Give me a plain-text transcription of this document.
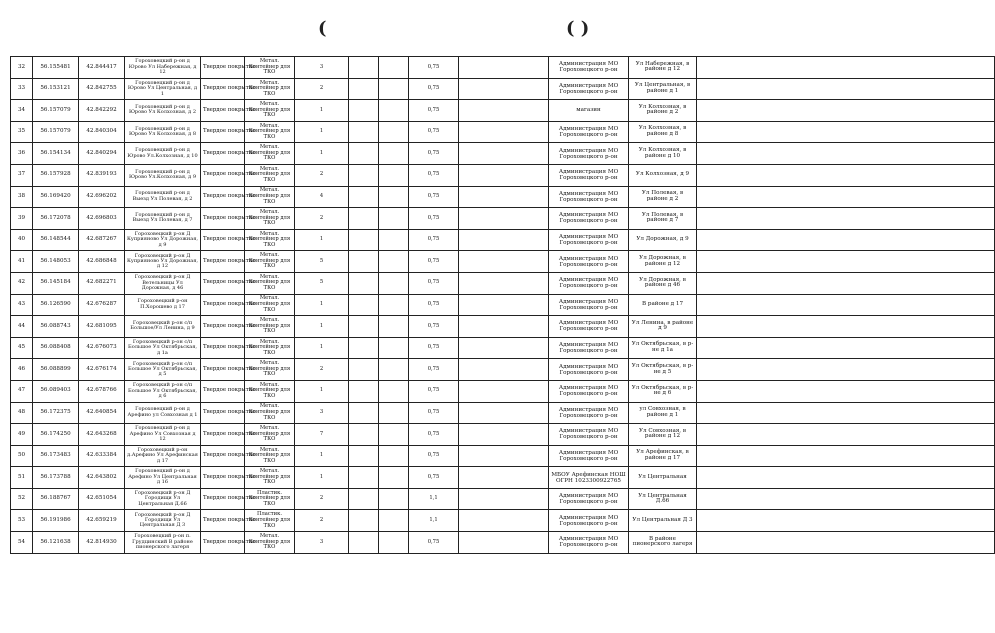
(	( )
32	56.155481	42.844417	Гороховецкий р-он д Юрово Ул Набережная, д 12	Твердое покрытие	Метал. Контейнер для ТКО	3			0,75		Администрация МО Гороховецкого р-он	Ул Набережная, в районе д 12	
33	56.153121	42.842755	Гороховецкий р-он д Юрово Ул Центральная, д 1	Твердое покрытие	Метал. Контейнер для ТКО	2			0,75		Администрация МО Гороховецкого р-он	Ул Центральная, в районе д 1	
34	56.157079	42.842292	Гороховецкий р-он д Юрово Ул Колхозная, д 2	Твердое покрытие	Метал. Контейнер для ТКО	1			0,75		магазин	Ул Колхозная, в районе д 2	
35	56.157079	42.840304	Гороховецкий р-он д Юрово Ул Колхозная, д 8	Твердое покрытие	Метал. Контейнер для ТКО	1			0,75		Администрация МО Гороховецкого р-он	Ул Колхозная, в районе д 8	
36	56.154134	42.840294	Гороховецкий р-он д Юрово Ул.Колхозная, д 10	Твердое покрытие	Метал. Контейнер для ТКО	1			0,75		Администрация МО Гороховецкого р-он	Ул Колхозная, в районе д 10	
37	56.157928	42.839193	Гороховецкий р-он д Юрово Ул.Колхозная, д 9	Твердое покрытие	Метал. Контейнер для ТКО	2			0,75		Администрация МО Гороховецкого р-он	Ул Колхозная, д 9	
38	56.169420	42.696202	Гороховецкий р-он д Выезд Ул Полевая, д 2	Твердое покрытие	Метал. Контейнер для ТКО	4			0,75		Администрация МО Гороховецкого р-он	Ул Полевая, в районе д 2	
39	56.172078	42.696803	Гороховецкий р-он д Выезд Ул Полевая, д 7	Твердое покрытие	Метал. Контейнер для ТКО	2			0,75		Администрация МО Гороховецкого р-он	Ул Полевая, в районе д 7	
40	56.148544	42.687267	Гороховецкий р-он Д Куприяново Ул Дорожная, д 9	Твердое покрытие	Метал. Контейнер для ТКО	1			0,75		Администрация МО Гороховецкого р-он	Ул Дорожная, д 9	
41	56.148053	42.686848	Гороховецкий р-он Д Куприяново Ул Дорожная, д 12	Твердое покрытие	Метал. Контейнер для ТКО	5			0,75		Администрация МО Гороховецкого р-он	Ул Дорожная, в районе д 12	
42	56.145184	42.682271	Гороховецкий р-он Д Ветельницы Ул Дорожная, д 46	Твердое покрытие	Метал. Контейнер для ТКО	5			0,75		Администрация МО Гороховецкого р-он	Ул Дорожная, в районе д 46	
43	56.126590	42.676287	Гороховецкий р-он П.Хорошево д 17	Твердое покрытие	Метал. Контейнер для ТКО	1			0,75		Администрация МО Гороховецкого р-он	В районе д 17	
44	56.088743	42.681095	Гороховецкий р-он с/п Большое/Ул Ленина, д 9	Твердое покрытие	Метал. Контейнер для ТКО	1			0,75		Администрация МО Гороховецкого р-он	Ул Ленина, в районе д 9	
45	56.088408	42.676073	Гороховецкий р-он с/п Большое Ул Октябрьская, д 1а	Твердое покрытие	Метал. Контейнер для ТКО	1			0,75		Администрация МО Гороховецкого р-он	Ул Октябрьская, в р-не д 1а	
46	56.088899	42.676174	Гороховецкий р-он с/п Большое Ул Октябрьская, д 5	Твердое покрытие	Метал. Контейнер для ТКО	2			0,75		Администрация МО Гороховецкого р-он	Ул Октябрьская, в р-не д 5	
47	56.089403	42.678766	Гороховецкий р-он с/п Большое Ул Октябрьская, д 6	Твердое покрытие	Метал. Контейнер для ТКО	1			0,75		Администрация МО Гороховецкого р-он	Ул Октябрьская, в р-не д 6	
48	56.172375	42.640854	Гороховецкий р-он д Арефино ул Совхозная д 1	Твердое покрытие	Метал. Контейнер для ТКО	3			0,75		Администрация МО Гороховецкого р-он	ул Совхозная, в районе д 1	
49	56.174250	42.643268	Гороховецкий р-он д Арефино Ул Совхозная д 12	Твердое покрытие	Метал. Контейнер для ТКО	7			0,75		Администрация МО Гороховецкого р-он	Ул Совхозная, в районе д 12	
50	56.173483	42.633384	Гороховецкий р-он д.Арефино Ул Арефинская д 17	Твердое покрытие	Метал. Контейнер для ТКО	1			0,75		Администрация МО Гороховецкого р-он	Ул Арефинская, в районе д 17	
51	56.173788	42.643802	Гороховецкий р-он д Арефино Ул Центральная д 16	Твердое покрытие	Метал. Контейнер для ТКО	1			0,75		МБОУ Арефинская НОШ ОГРН 1023300922765	Ул Центральная	
52	56.188767	42.651054	Гороховецкий р-он Д Городищи Ул Центральная Д.66	Твердое покрытие	Пластик. Контейнер для ТКО	2			1,1		Администрация МО Гороховецкого р-он	Ул Центральная Д.66	
53	56.191986	42.659219	Гороховецкий р-он Д Городищи Ул Центральная Д 3	Твердое покрытие	Пластик. Контейнер для ТКО	2			1,1		Администрация МО Гороховецкого р-он	Ул Центральная Д 3	
54	56.121638	42.814930	Гороховецкий р-он п. Грудцинский В районе пионерского лагеря	Твердое покрытие	Метал. Контейнер для ТКО	3			0,75		Администрация МО Гороховецкого р-он	В районе пионерского лагеря	
